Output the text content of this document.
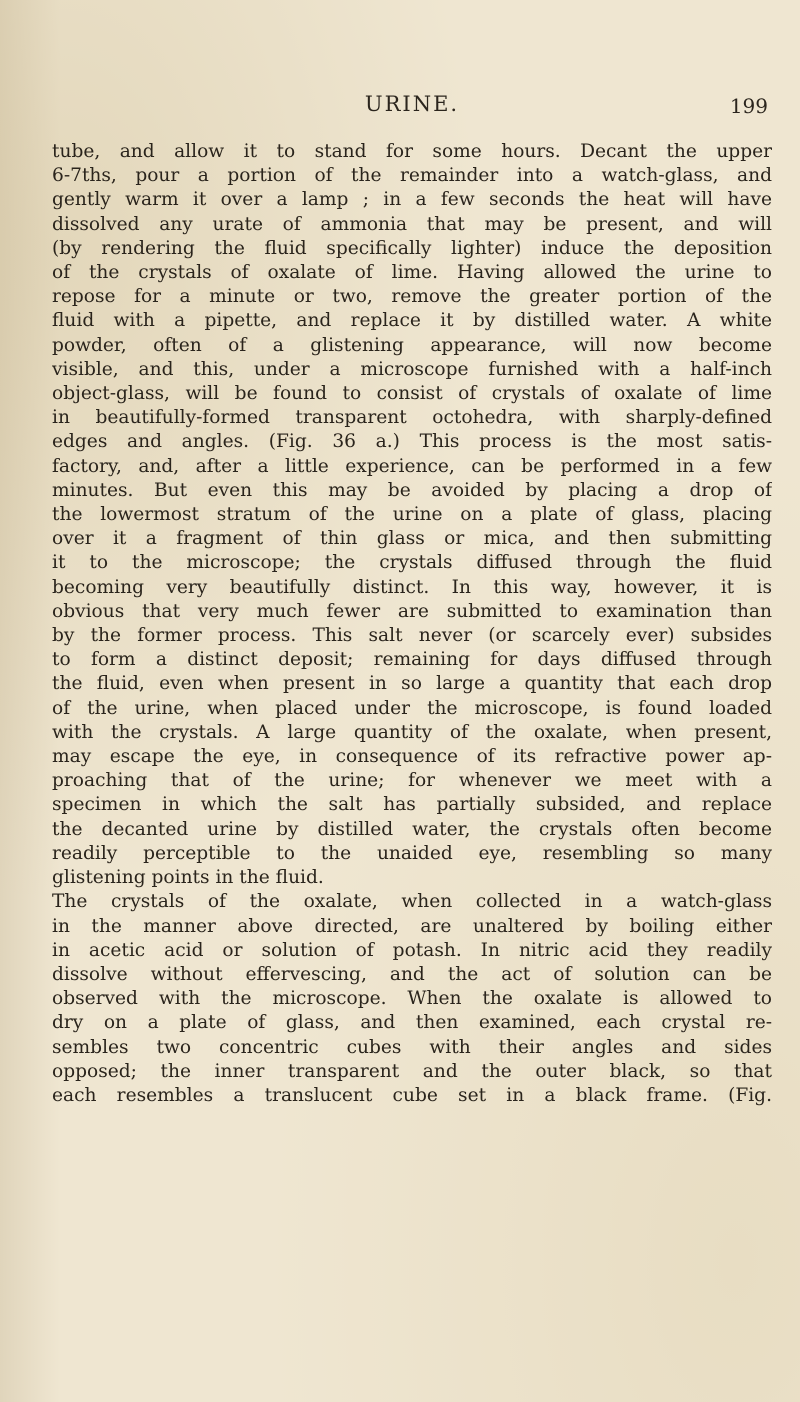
URINE.	199
tube, and allow it to stand for some hours. Decant the upper
6-7ths, pour a portion of the remainder into a watch-glass, and
gently warm it over a lamp ; in a few seconds the heat will have
dissolved any urate of ammonia that may be present, and will
(by rendering the fluid specifically lighter) induce the deposition
of the crystals of oxalate of lime. Having allowed the urine to
repose for a minute or two, remove the greater portion of the
fluid with a pipette, and replace it by distilled water. A white
powder, often of a glistening appearance, will now become
visible, and this, under a microscope furnished with a half-inch
object-glass, will be found to consist of crystals of oxalate of lime
in beautifully-formed transparent octohedra, with sharply-defined
edges and angles. (Fig. 36 a.) This process is the most satis-
factory, and, after a little experience, can be performed in a few
minutes. But even this may be avoided by placing a drop of
the lowermost stratum of the urine on a plate of glass, placing
over it a fragment of thin glass or mica, and then submitting
it to the microscope; the crystals diffused through the fluid
becoming very beautifully distinct. In this way, however, it is
obvious that very much fewer are submitted to examination than
by the former process. This salt never (or scarcely ever) subsides
to form a distinct deposit; remaining for days diffused through
the fluid, even when present in so large a quantity that each drop
of the urine, when placed under the microscope, is found loaded
with the crystals. A large quantity of the oxalate, when present,
may escape the eye, in consequence of its refractive power ap-
proaching that of the urine; for whenever we meet with a
specimen in which the salt has partially subsided, and replace
the decanted urine by distilled water, the crystals often become
readily perceptible to the unaided eye, resembling so many
glistening points in the fluid.
The crystals of the oxalate, when collected in a watch-glass
in the manner above directed, are unaltered by boiling either
in acetic acid or solution of potash. In nitric acid they readily
dissolve without effervescing, and the act of solution can be
observed with the microscope. When the oxalate is allowed to
dry on a plate of glass, and then examined, each crystal re-
sembles two concentric cubes with their angles and sides
opposed; the inner transparent and the outer black, so that
each resembles a translucent cube set in a black frame. (Fig.
